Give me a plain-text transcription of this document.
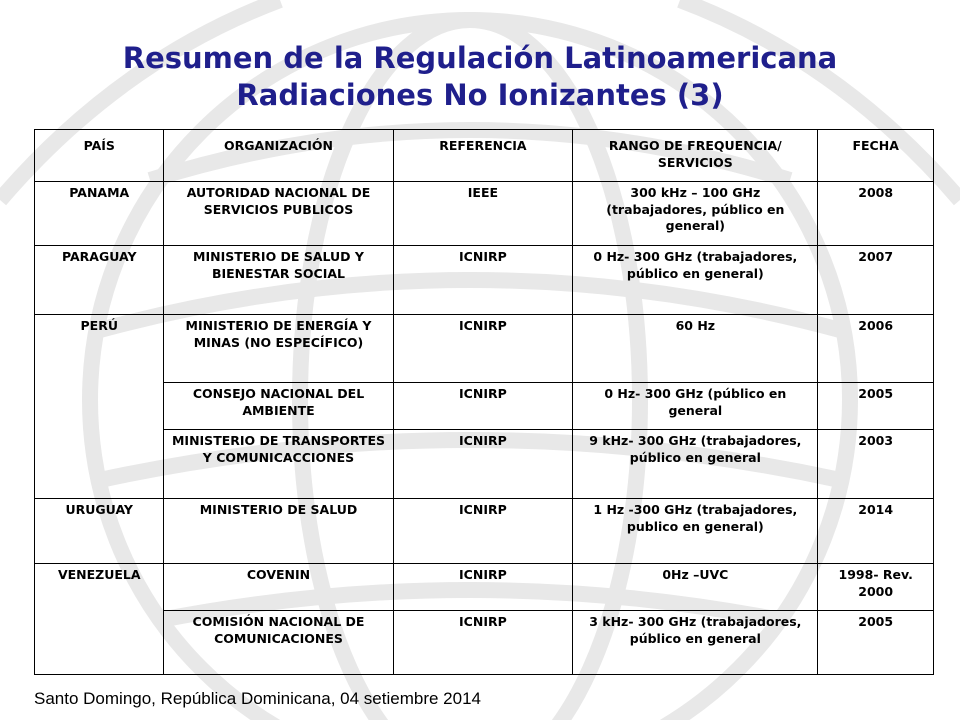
Resumen de la Regulación Latinoamericana
Radiaciones No Ionizantes (3)
PAÍS	ORGANIZACIÓN	REFERENCIA	RANGO DE FREQUENCIA/ SERVICIOS	FECHA
PANAMA	AUTORIDAD NACIONAL DE SERVICIOS PUBLICOS	IEEE	300 kHz – 100 GHz (trabajadores, público en general)	2008
PARAGUAY	MINISTERIO DE SALUD Y BIENESTAR SOCIAL	ICNIRP	0 Hz- 300 GHz (trabajadores, público en general)	2007
PERÚ	MINISTERIO DE ENERGÍA Y MINAS (NO ESPECÍFICO)	ICNIRP	60 Hz	2006
	CONSEJO NACIONAL DEL AMBIENTE	ICNIRP	0 Hz- 300 GHz (público en general	2005
	MINISTERIO DE TRANSPORTES Y COMUNICACCIONES	ICNIRP	9 kHz- 300 GHz (trabajadores, público en general	2003
URUGUAY	MINISTERIO DE SALUD	ICNIRP	1 Hz -300 GHz (trabajadores, publico en general)	2014
VENEZUELA	COVENIN	ICNIRP	0Hz –UVC	1998- Rev. 2000
	COMISIÓN NACIONAL DE COMUNICACIONES	ICNIRP	3 kHz- 300 GHz (trabajadores, público en general	2005
Santo Domingo, República Dominicana, 04 setiembre 2014
